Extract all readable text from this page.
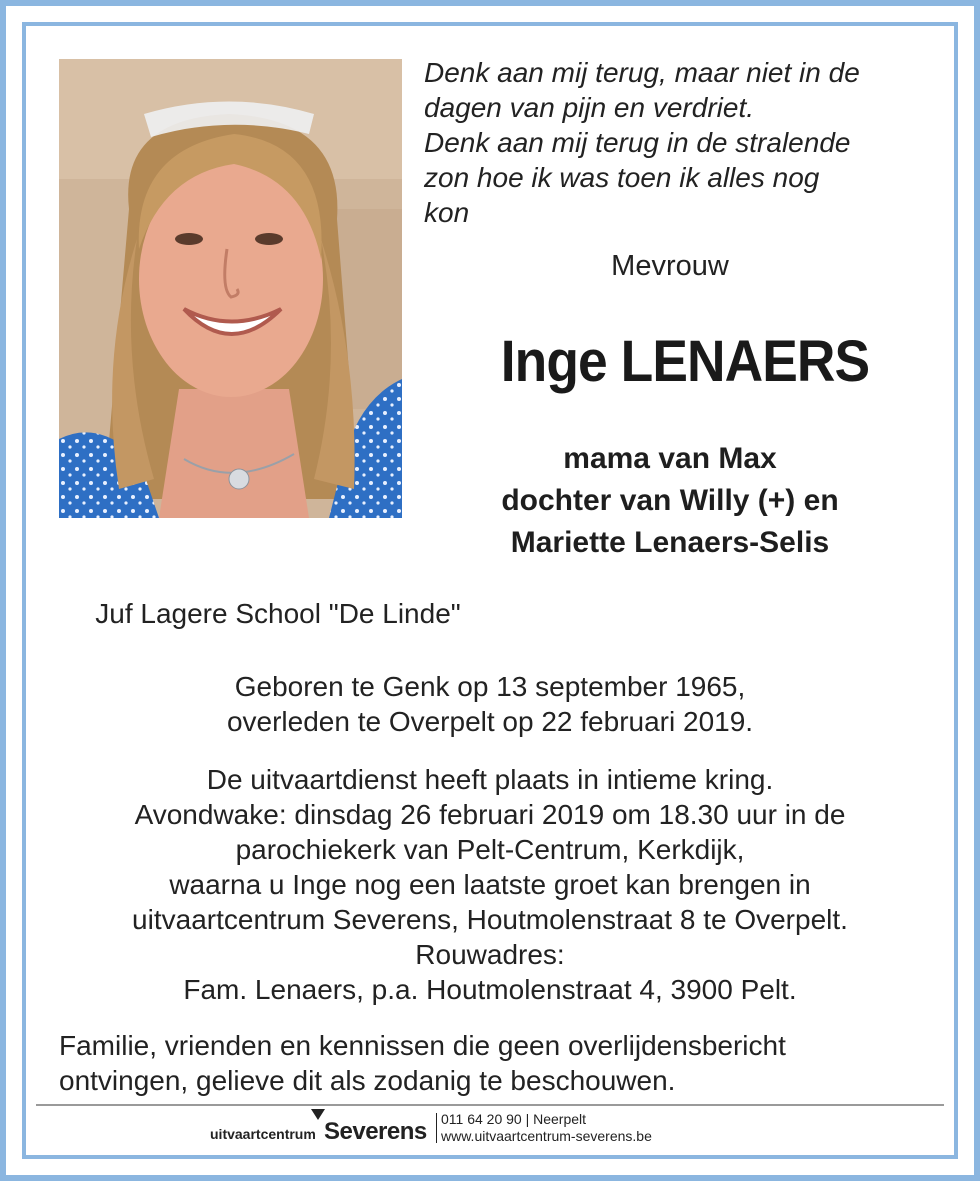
Denk aan mij terug, maar niet in de
dagen van pijn en verdriet.
Denk aan mij terug in de stralende
zon hoe ik was toen ik alles nog
kon
Mevrouw
Inge LENAERS
mama van Max
dochter van Willy (+) en
Mariette Lenaers-Selis
Juf Lagere School "De Linde"
Geboren te Genk op 13 september 1965,
overleden te Overpelt op 22 februari 2019.
De uitvaartdienst heeft plaats in intieme kring.
Avondwake: dinsdag 26 februari 2019 om 18.30 uur in de
parochiekerk van Pelt-Centrum, Kerkdijk,
waarna u Inge nog een laatste groet kan brengen in
uitvaartcentrum Severens, Houtmolenstraat 8 te Overpelt.
Rouwadres:
Fam. Lenaers, p.a. Houtmolenstraat 4, 3900 Pelt.
Familie, vrienden en kennissen die geen overlijdensbericht
ontvingen, gelieve dit als zodanig te beschouwen.
uitvaartcentrum Severens 011 64 20 90 | Neerpelt
www.uitvaartcentrum-severens.be
